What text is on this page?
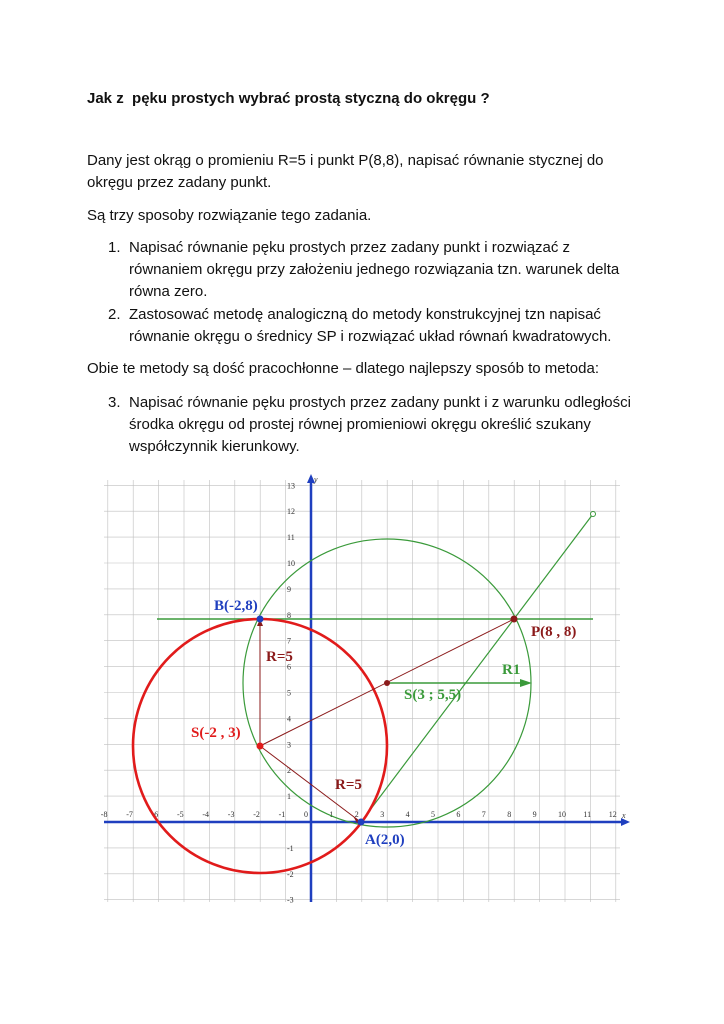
Jak z  pęku prostych wybrać prostą styczną do okręgu ?
Dany jest okrąg o promieniu R=5 i punkt P(8,8), napisać równanie stycznej do okręgu przez zadany punkt.
Są trzy sposoby rozwiązanie tego zadania.
1. Napisać równanie pęku prostych przez zadany punkt i rozwiązać z równaniem okręgu przy założeniu jednego rozwiązania tzn. warunek delta równa zero.
2. Zastosować metodę analogiczną do metody konstrukcyjnej tzn napisać równanie okręgu o średnicy SP i rozwiązać układ równań kwadratowych.
Obie te metody są dość pracochłonne – dlatego najlepszy sposób to metoda:
3. Napisać równanie pęku prostych przez zadany punkt i z warunku odległości środka okręgu od prostej równej promieniowi okręgu określić szukany współczynnik kierunkowy.
-8 -7 -6 -5 -4 -3 -2 -1 0	1	2	3	4	5	6	7	8	9	10 11 12
13
12
11
10
9
8
7
6
5
4
3
2
1
-1
-2
-3
y
x
B(-2,8)
R=5
S(-2 , 3)
R=5
A(2,0)
P(8 , 8)
R1
S(3 ; 5,5)
